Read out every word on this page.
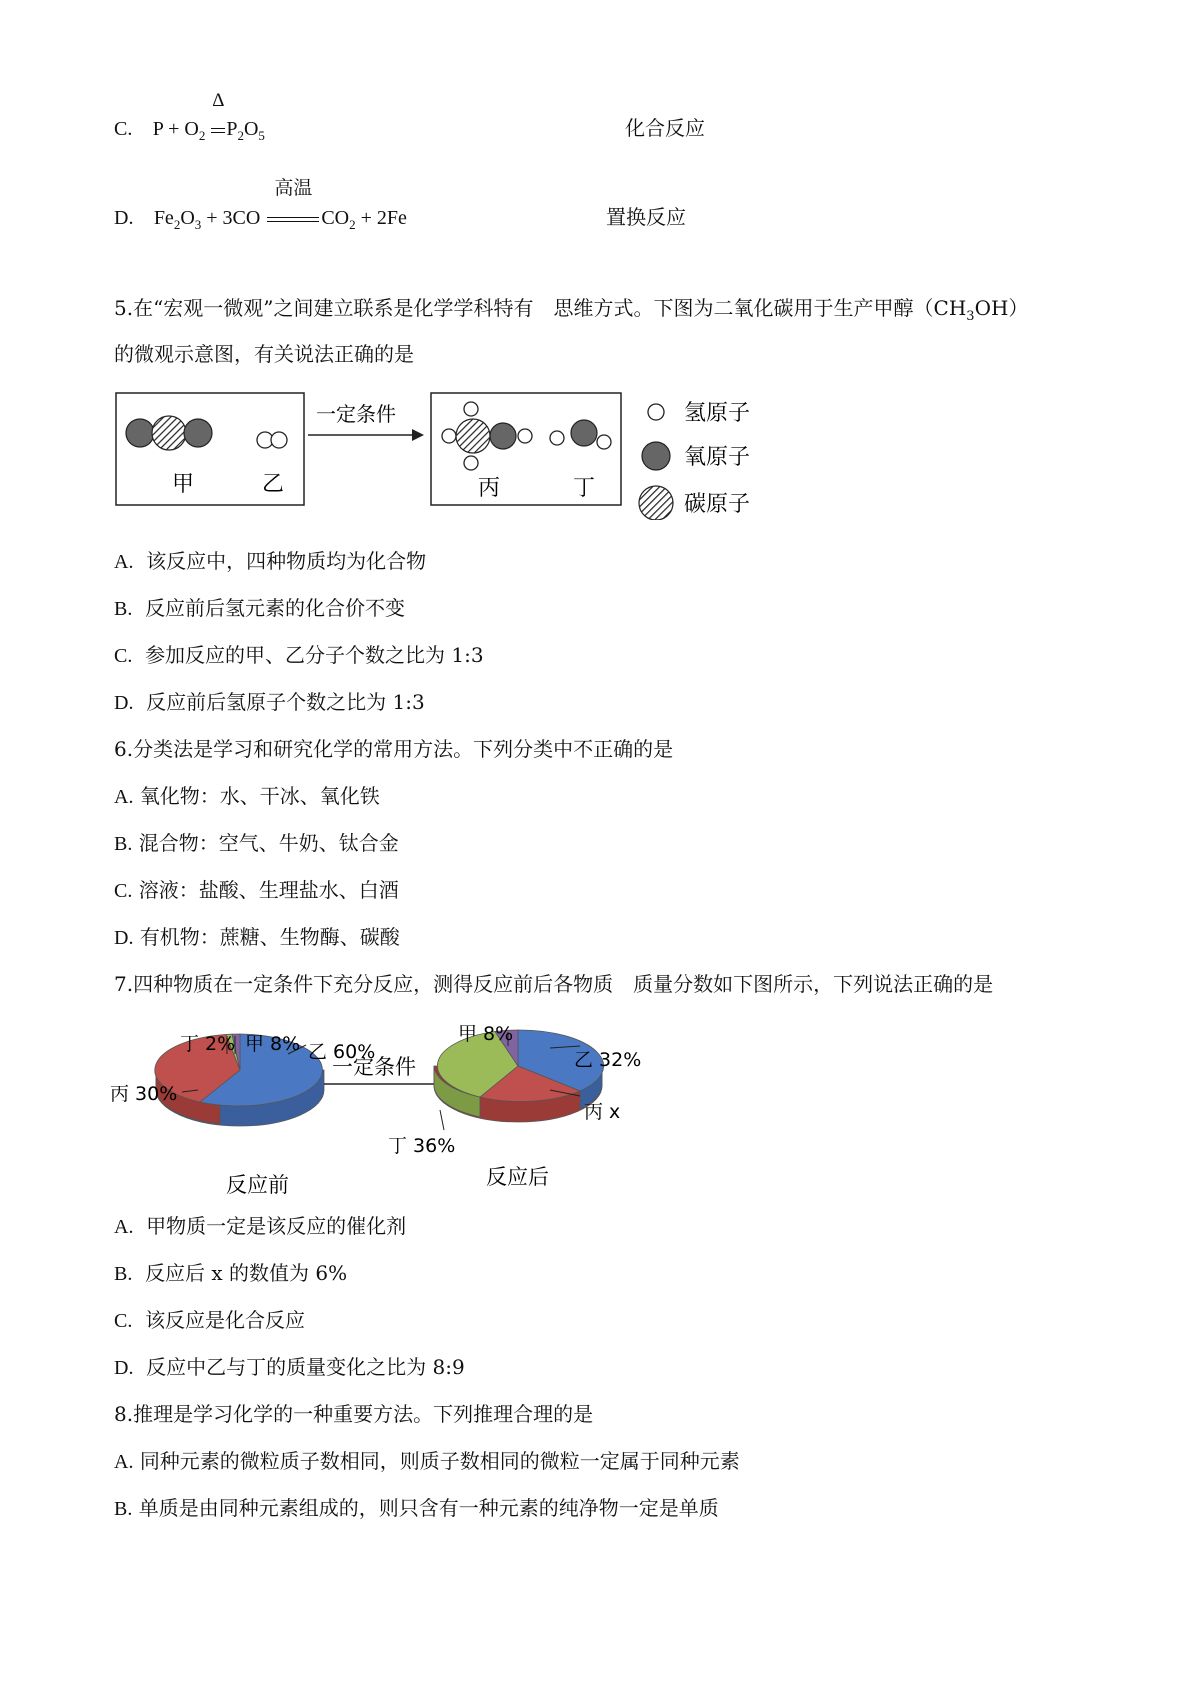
C. $P + O_2$
Δ
$P_2O_5$	化合反应
D. $Fe_2O_3 + 3CO$
高温
$CO_2 + 2Fe$	置换反应
5.在“宏观一微观”之间建立联系是化学学科特有　思维方式。下图为二氧化碳用于生产甲醇$(CH_3OH)$
的微观示意图，有关说法正确的是
甲	乙
一定条件
丙	丁
氢原子
氧原子
碳原子
A. 该反应中，四种物质均为化合物
B. 反应前后氢元素的化合价不变
C. 参加反应的甲、乙分子个数之比为 1:3
D. 反应前后氢原子个数之比为 1:3
6.分类法是学习和研究化学的常用方法。下列分类中不正确的是
A. 氧化物：水、干冰、氧化铁
B. 混合物：空气、牛奶、钛合金
C. 溶液：盐酸、生理盐水、白酒
D. 有机物：蔗糖、生物酶、碳酸
7.四种物质在一定条件下充分反应，测得反应前后各物质　质量分数如下图所示，下列说法正确的是
丁 2% 甲 8% 乙 60%
丙 30%
反应前
一定条件
甲 8%
乙 32%
丙 x
丁 36%
反应后
A. 甲物质一定是该反应的催化剂
B. 反应后 x 的数值为 6%
C. 该反应是化合反应
D. 反应中乙与丁的质量变化之比为 8:9
8.推理是学习化学的一种重要方法。下列推理合理的是
A. 同种元素的微粒质子数相同，则质子数相同的微粒一定属于同种元素
B. 单质是由同种元素组成的，则只含有一种元素的纯净物一定是单质
